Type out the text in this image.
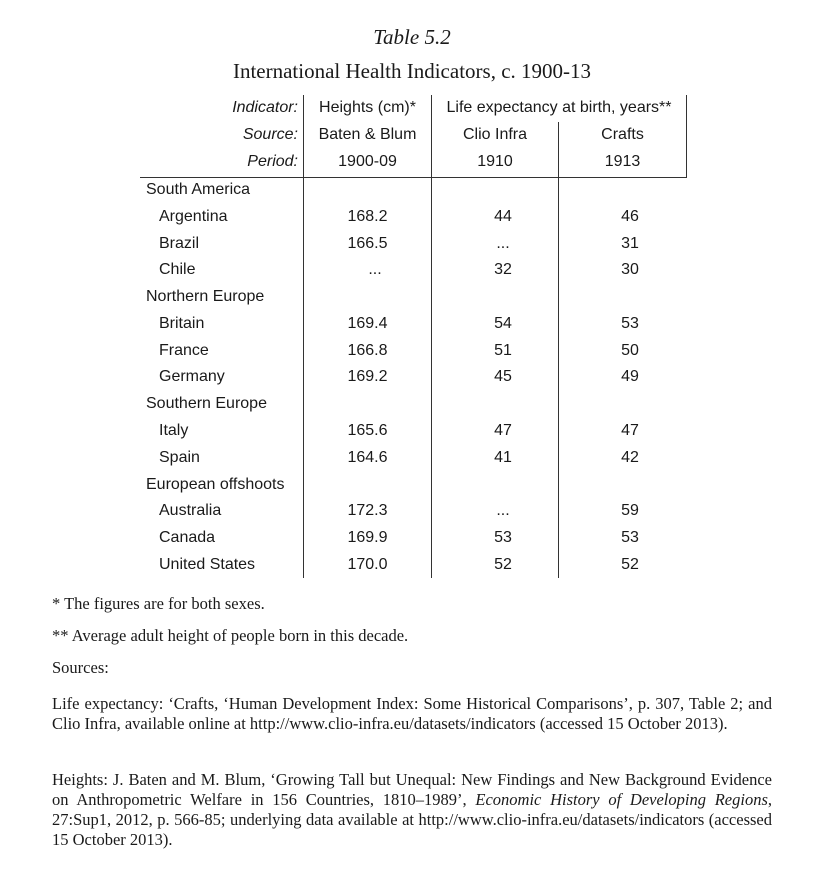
Table 5.2
International Health Indicators, c. 1900-13
Indicator:	Heights (cm)*	Life expectancy at birth, years**
Source:	Baten & Blum	Clio Infra	Crafts
Period:	1900-09	1910	1913
South America
Argentina	168.2	44	46
Brazil	166.5	...	31
Chile	...	32	30
Northern Europe
Britain	169.4	54	53
France	166.8	51	50
Germany	169.2	45	49
Southern Europe
Italy	165.6	47	47
Spain	164.6	41	42
European offshoots
Australia	172.3	...	59
Canada	169.9	53	53
United States	170.0	52	52
* The figures are for both sexes.
** Average adult height of people born in this decade.
Sources:
Life expectancy: ‘Crafts, ‘Human Development Index: Some Historical Comparisons’, p. 307, Table 2; and Clio Infra, available online at http://www.clio-infra.eu/datasets/indicators (accessed 15 October 2013).
Heights: J. Baten and M. Blum, ‘Growing Tall but Unequal: New Findings and New Background Evidence on Anthropometric Welfare in 156 Countries, 1810–1989’, Economic History of Developing Regions, 27:Sup1, 2012, p. 566-85; underlying data available at http://www.clio-infra.eu/datasets/indicators (accessed 15 October 2013).
